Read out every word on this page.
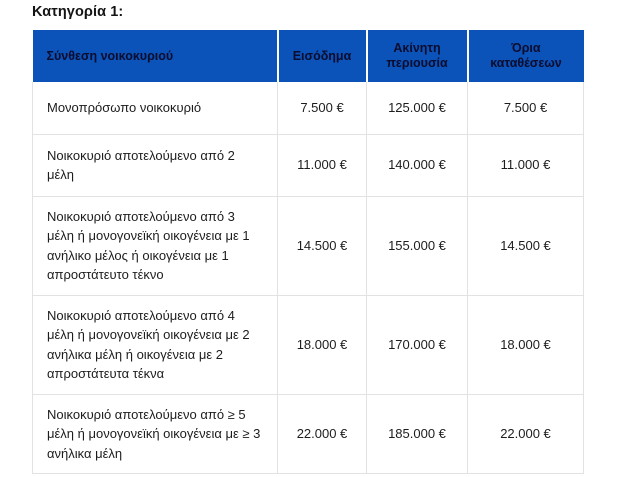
Κατηγορία 1:
Σύνθεση νοικοκυριού	Εισόδημα	Ακίνητη περιουσία	Όρια καταθέσεων
Μονοπρόσωπο νοικοκυριό	7.500 €	125.000 €	7.500 €
Νοικοκυριό αποτελούμενο από 2 μέλη	11.000 €	140.000 €	11.000 €
Νοικοκυριό αποτελούμενο από 3 μέλη ή μονογονεϊκή οικογένεια με 1 ανήλικο μέλος ή οικογένεια με 1 απροστάτευτο τέκνο	14.500 €	155.000 €	14.500 €
Νοικοκυριό αποτελούμενο από 4 μέλη ή μονογονεϊκή οικογένεια με 2 ανήλικα μέλη ή οικογένεια με 2 απροστάτευτα τέκνα	18.000 €	170.000 €	18.000 €
Νοικοκυριό αποτελούμενο από ≥ 5 μέλη ή μονογονεϊκή οικογένεια με ≥ 3 ανήλικα μέλη	22.000 €	185.000 €	22.000 €
